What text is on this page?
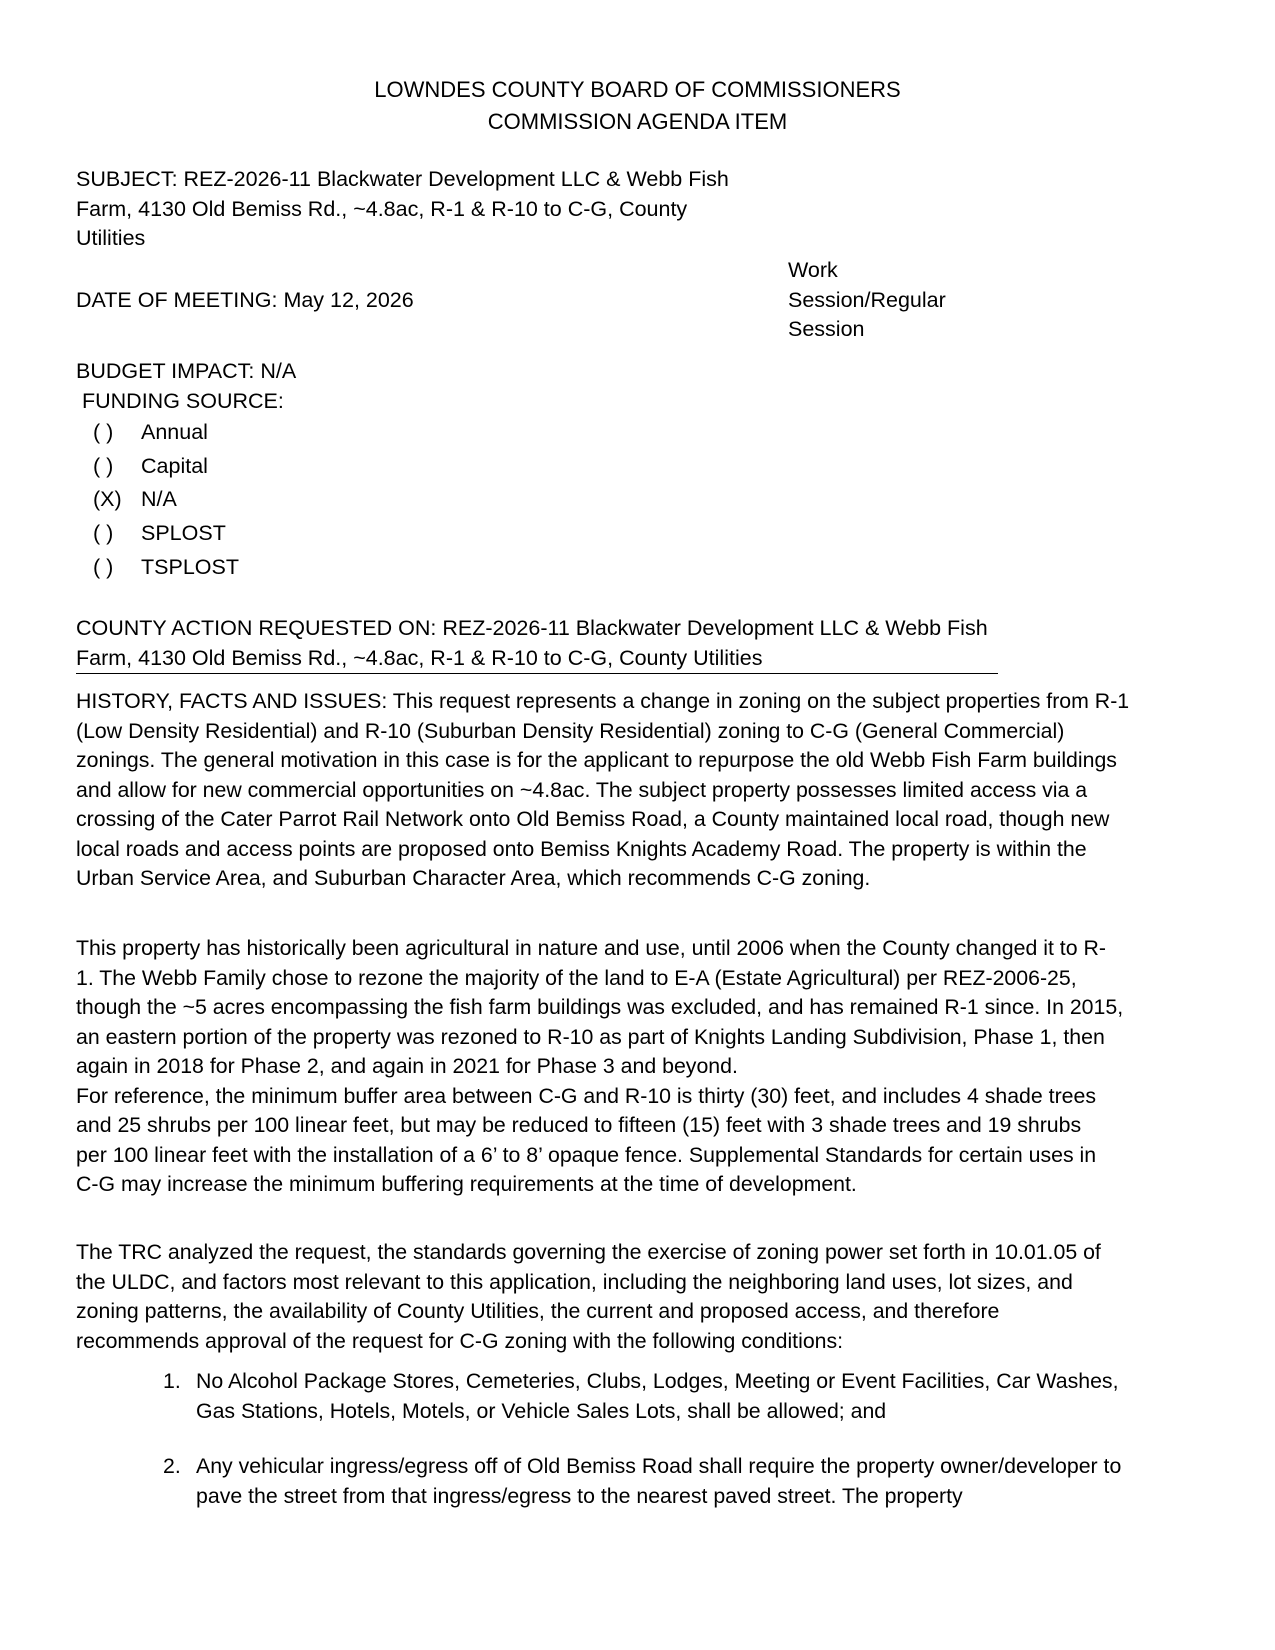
LOWNDES COUNTY BOARD OF COMMISSIONERS
COMMISSION AGENDA ITEM
SUBJECT: REZ-2026-11 Blackwater Development LLC & Webb Fish
Farm, 4130 Old Bemiss Rd., ~4.8ac, R-1 & R-10 to C-G, County
Utilities
DATE OF MEETING: May 12, 2026
Work
Session/Regular
Session
BUDGET IMPACT: N/A
FUNDING SOURCE:
( ) Annual
( ) Capital
(X) N/A
( ) SPLOST
( ) TSPLOST
COUNTY ACTION REQUESTED ON: REZ-2026-11 Blackwater Development LLC & Webb Fish
Farm, 4130 Old Bemiss Rd., ~4.8ac, R-1 & R-10 to C-G, County Utilities
HISTORY, FACTS AND ISSUES: This request represents a change in zoning on the subject properties from R-1
(Low Density Residential) and R-10 (Suburban Density Residential) zoning to C-G (General Commercial)
zonings. The general motivation in this case is for the applicant to repurpose the old Webb Fish Farm buildings
and allow for new commercial opportunities on ~4.8ac. The subject property possesses limited access via a
crossing of the Cater Parrot Rail Network onto Old Bemiss Road, a County maintained local road, though new
local roads and access points are proposed onto Bemiss Knights Academy Road. The property is within the
Urban Service Area, and Suburban Character Area, which recommends C-G zoning.
This property has historically been agricultural in nature and use, until 2006 when the County changed it to R-
1. The Webb Family chose to rezone the majority of the land to E-A (Estate Agricultural) per REZ-2006-25,
though the ~5 acres encompassing the fish farm buildings was excluded, and has remained R-1 since. In 2015,
an eastern portion of the property was rezoned to R-10 as part of Knights Landing Subdivision, Phase 1, then
again in 2018 for Phase 2, and again in 2021 for Phase 3 and beyond.
For reference, the minimum buffer area between C-G and R-10 is thirty (30) feet, and includes 4 shade trees
and 25 shrubs per 100 linear feet, but may be reduced to fifteen (15) feet with 3 shade trees and 19 shrubs
per 100 linear feet with the installation of a 6’ to 8’ opaque fence. Supplemental Standards for certain uses in
C-G may increase the minimum buffering requirements at the time of development.
The TRC analyzed the request, the standards governing the exercise of zoning power set forth in 10.01.05 of
the ULDC, and factors most relevant to this application, including the neighboring land uses, lot sizes, and
zoning patterns, the availability of County Utilities, the current and proposed access, and therefore
recommends approval of the request for C-G zoning with the following conditions:
1. No Alcohol Package Stores, Cemeteries, Clubs, Lodges, Meeting or Event Facilities, Car Washes,
Gas Stations, Hotels, Motels, or Vehicle Sales Lots, shall be allowed; and
2. Any vehicular ingress/egress off of Old Bemiss Road shall require the property owner/developer to
pave the street from that ingress/egress to the nearest paved street. The property
